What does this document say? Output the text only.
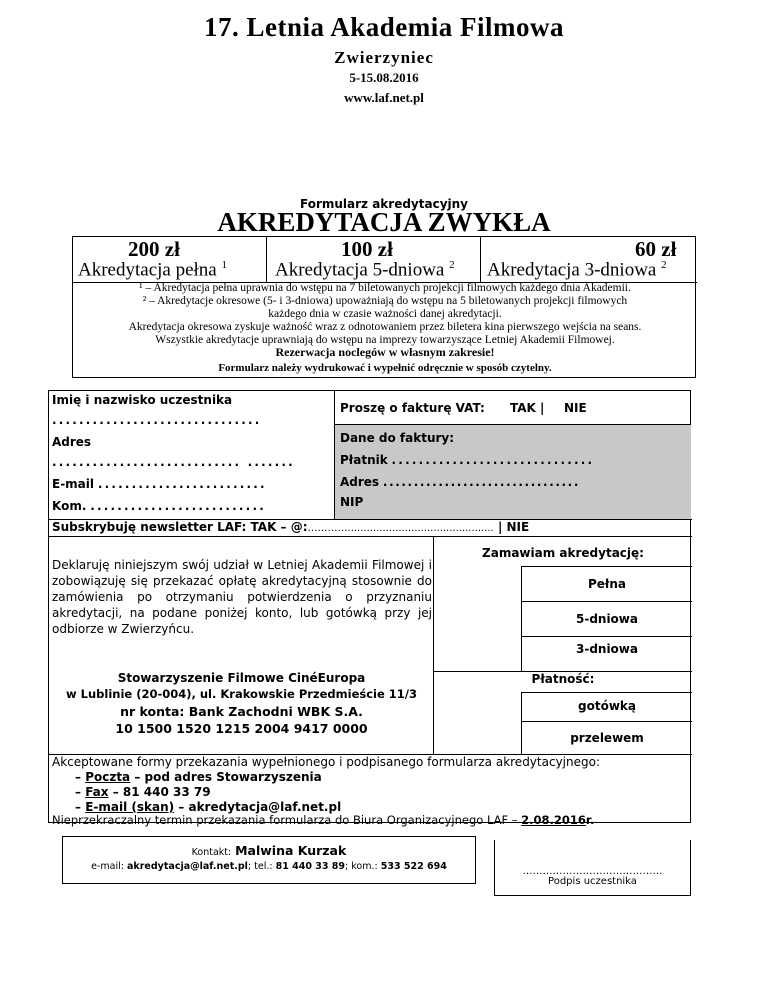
17. Letnia Akademia Filmowa
Zwierzyniec
5-15.08.2016
www.laf.net.pl
Formularz akredytacyjny
AKREDYTACJA ZWYKŁA
200 zł
Akredytacja pełna $^1$
100 zł
Akredytacja 5-dniowa $^2$
60 zł
Akredytacja 3-dniowa $^2$
¹ – Akredytacja pełna uprawnia do wstępu na 7 biletowanych projekcji filmowych każdego dnia Akademii.
² – Akredytacje okresowe (5- i 3-dniowa) upoważniają do wstępu na 5 biletowanych projekcji filmowych
każdego dnia w czasie ważności danej akredytacji.
Akredytacja okresowa zyskuje ważność wraz z odnotowaniem przez biletera kina pierwszego wejścia na seans.
Wszystkie akredytacje uprawniają do wstępu na imprezy towarzyszące Letniej Akademii Filmowej.
Rezerwacja noclegów w własnym zakresie!
Formularz należy wydrukować i wypełnić odręcznie w sposób czytelny.
Imię i nazwisko uczestnika
...............................
Adres
............................ .......
E-mail .........................
Kom. ..........................
Proszę o fakturę VAT: TAK | NIE
Dane do faktury:
Płatnik ..............................
Adres ................................
NIP
Subskrybuję newsletter LAF: TAK – @:………….............................................. | NIE
Deklaruję niniejszym swój udział w Letniej Akademii Filmowej i zobowiązuję się przekazać opłatę akredytacyjną stosownie do zamówienia po otrzymaniu potwierdzenia o przyznaniu akredytacji, na podane poniżej konto, lub gotówką przy jej odbiorze w Zwierzyńcu.
Stowarzyszenie Filmowe CinéEuropa
w Lublinie (20-004), ul. Krakowskie Przedmieście 11/3
nr konta: Bank Zachodni WBK S.A.
10 1500 1520 1215 2004 9417 0000
Zamawiam akredytację:
Pełna
5-dniowa
3-dniowa
Płatność:
gotówką
przelewem
Akceptowane formy przekazania wypełnionego i podpisanego formularza akredytacyjnego:
– Poczta – pod adres Stowarzyszenia
– Fax – 81 440 33 79
– E-mail (skan) – akredytacja@laf.net.pl
Nieprzekraczalny termin przekazania formularza do Biura Organizacyjnego LAF – 2.08.2016r.
Kontakt: Malwina Kurzak
e-mail: akredytacja@laf.net.pl; tel.: 81 440 33 89; kom.: 533 522 694	……………………………………
Podpis uczestnika
